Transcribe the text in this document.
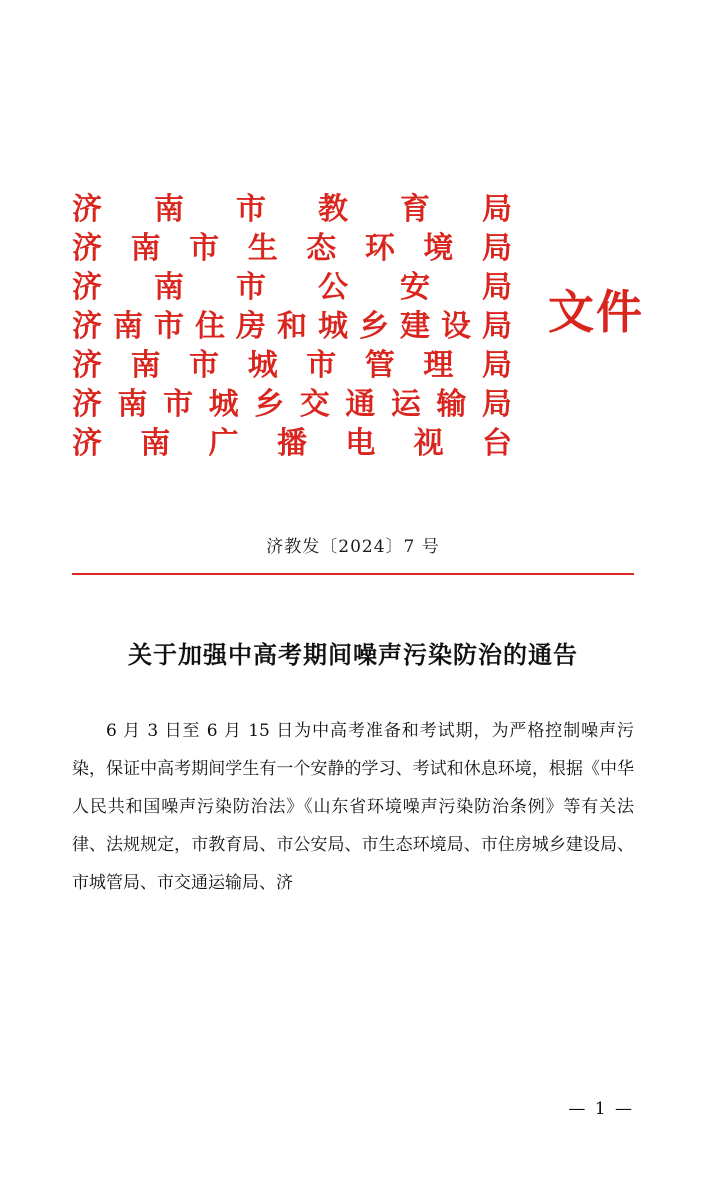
济 南 市 教 育 局
济 南 市 生 态 环 境 局
济 南 市 公 安 局
济 南 市 住 房 和 城 乡 建 设 局
济 南 市 城 市 管 理 局
济 南 市 城 乡 交 通 运 输 局
济 南 广 播 电 视 台
文件
济教发〔2024〕7 号
关于加强中高考期间噪声污染防治的通告

6 月 3 日至 6 月 15 日为中高考准备和考试期，为严格控制噪声污染，保证中高考期间学生有一个安静的学习、考试和休息环境，根据《中华人民共和国噪声污染防治法》《山东省环境噪声污染防治条例》等有关法律、法规规定，市教育局、市公安局、市生态环境局、市住房城乡建设局、市城管局、市交通运输局、济

— 1 —
